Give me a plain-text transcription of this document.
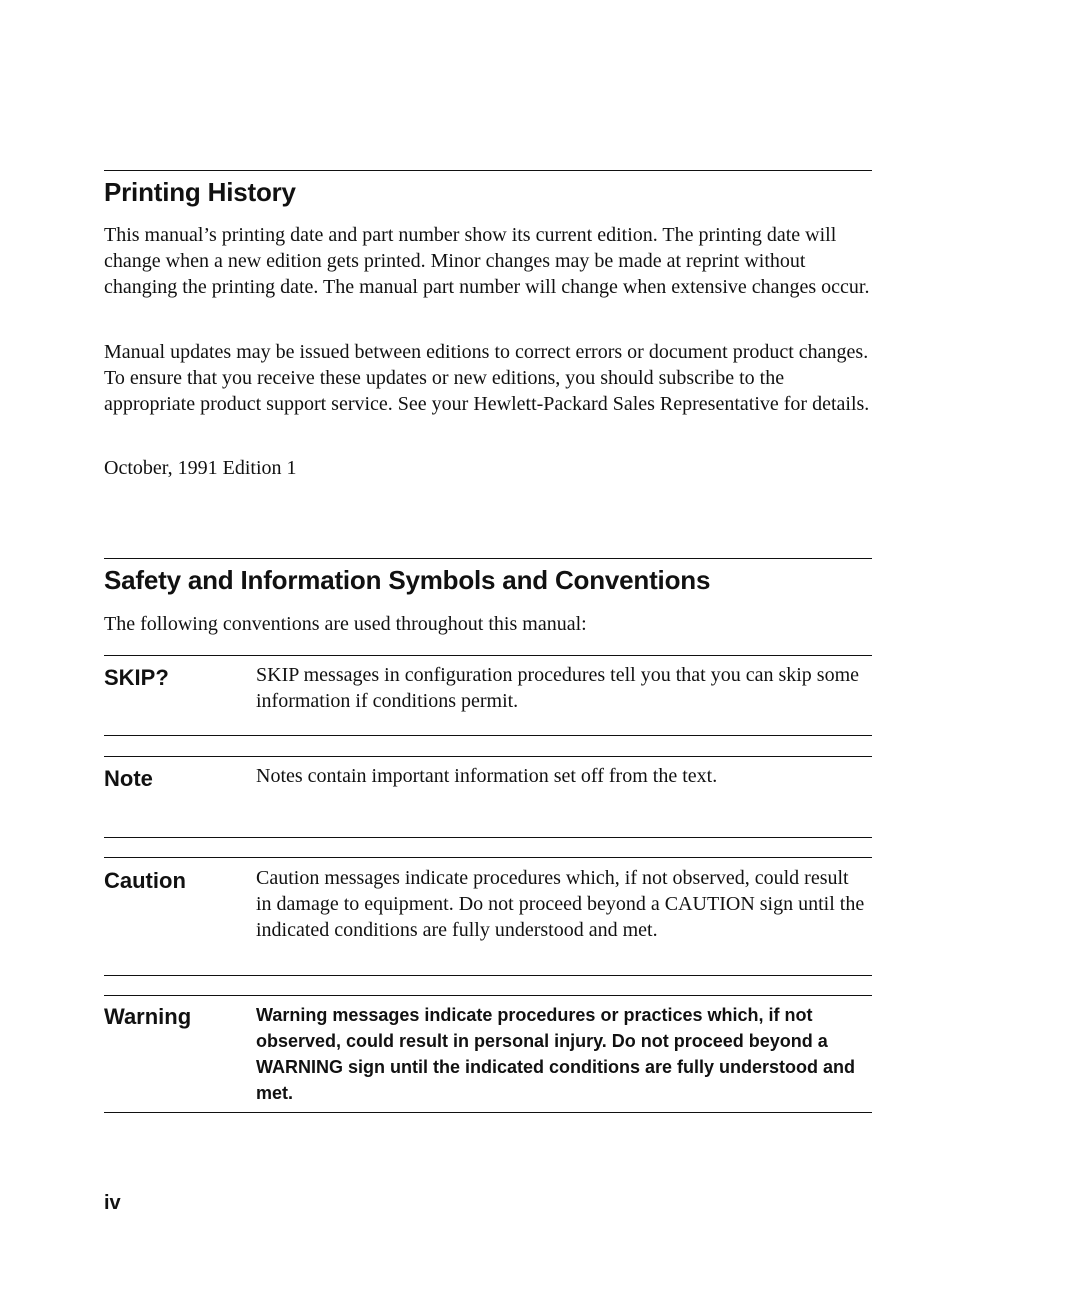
Printing History

This manual’s printing date and part number show its current edition. The printing date will change when a new edition gets printed. Minor changes may be made at reprint without changing the printing date. The manual part number will change when extensive changes occur.

Manual updates may be issued between editions to correct errors or document product changes. To ensure that you receive these updates or new editions, you should subscribe to the appropriate product support service. See your Hewlett-Packard Sales Representative for details.

October, 1991 Edition 1

Safety and Information Symbols and Conventions

The following conventions are used throughout this manual:

SKIP?	SKIP messages in configuration procedures tell you that you can skip some information if conditions permit.

Note	Notes contain important information set off from the text.

Caution	Caution messages indicate procedures which, if not observed, could result in damage to equipment. Do not proceed beyond a CAUTION sign until the indicated conditions are fully understood and met.

Warning	Warning messages indicate procedures or practices which, if not observed, could result in personal injury. Do not proceed beyond a WARNING sign until the indicated conditions are fully understood and met.

iv
